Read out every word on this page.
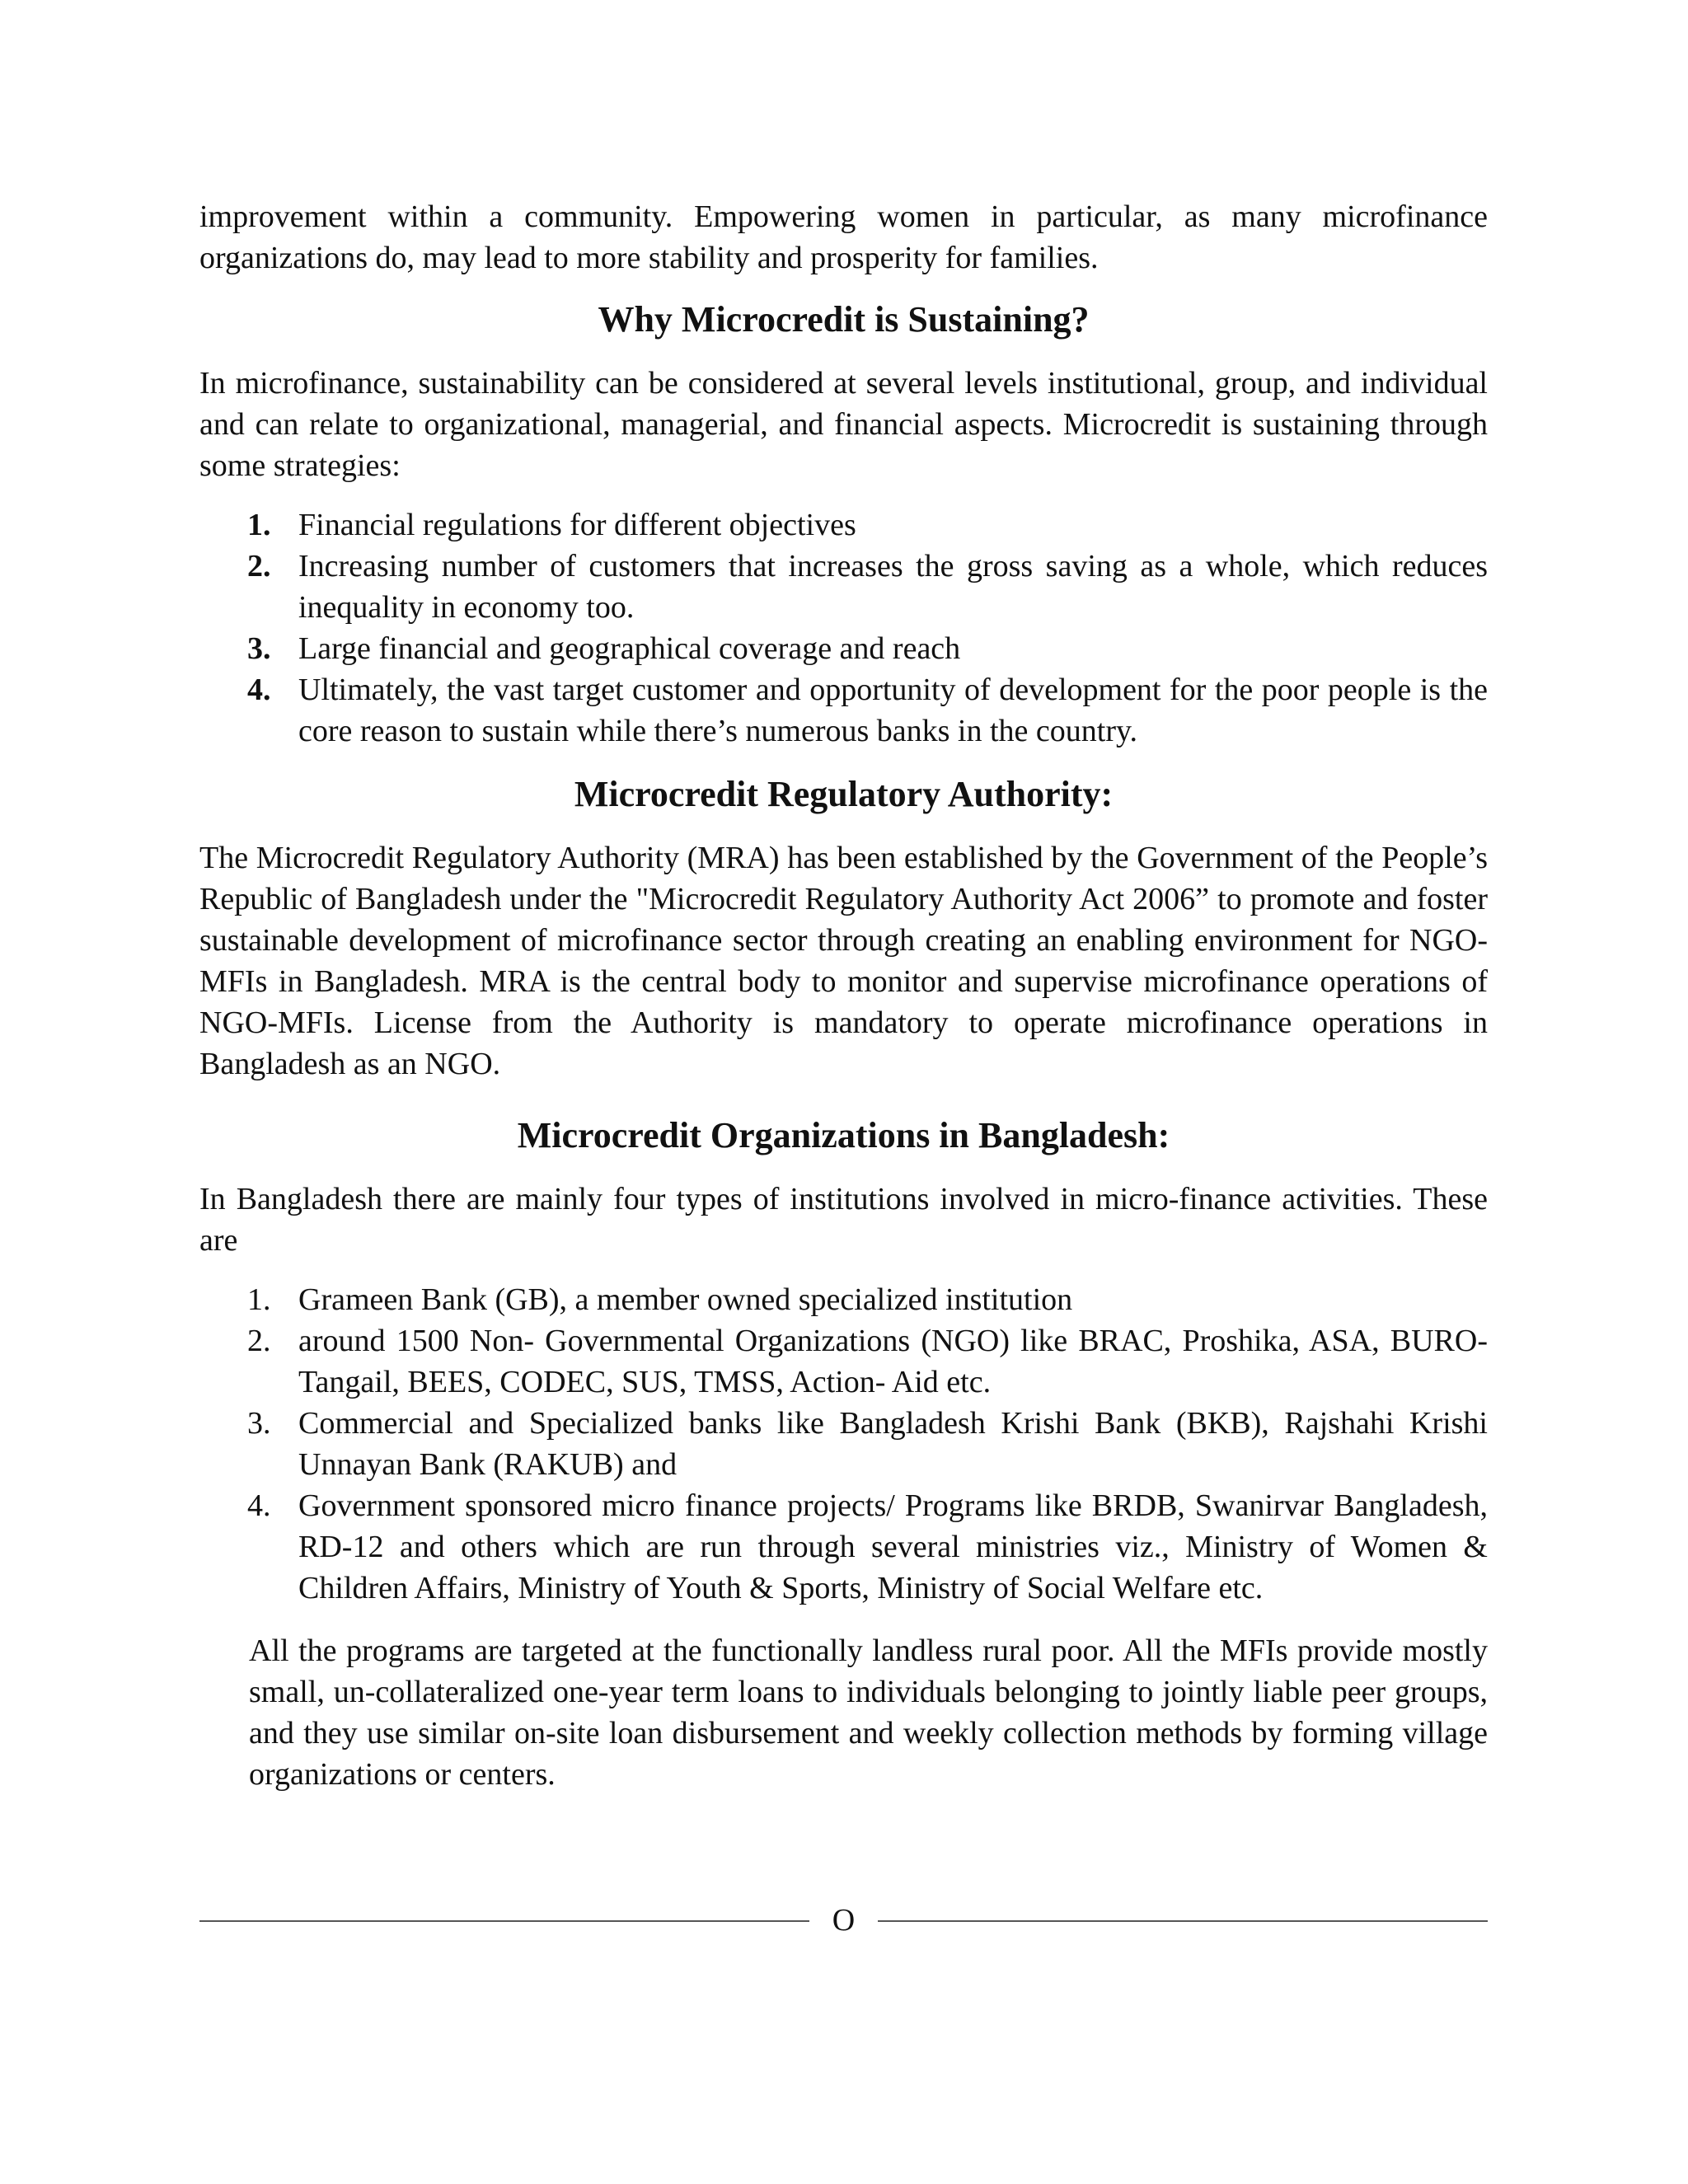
improvement within a community. Empowering women in particular, as many microfinance organizations do, may lead to more stability and prosperity for families.

Why Microcredit is Sustaining?

In microfinance, sustainability can be considered at several levels institutional, group, and individual and can relate to organizational, managerial, and financial aspects. Microcredit is sustaining through some strategies:

1. Financial regulations for different objectives
2. Increasing number of customers that increases the gross saving as a whole, which reduces inequality in economy too.
3. Large financial and geographical coverage and reach
4. Ultimately, the vast target customer and opportunity of development for the poor people is the core reason to sustain while there’s numerous banks in the country.
Microcredit Regulatory Authority:

The Microcredit Regulatory Authority (MRA) has been established by the Government of the People’s Republic of Bangladesh under the "Microcredit Regulatory Authority Act 2006” to promote and foster sustainable development of microfinance sector through creating an enabling environment for NGO-MFIs in Bangladesh. MRA is the central body to monitor and supervise microfinance operations of NGO-MFIs. License from the Authority is mandatory to operate microfinance operations in Bangladesh as an NGO.

Microcredit Organizations in Bangladesh:

In Bangladesh there are mainly four types of institutions involved in micro-finance activities. These are

1. Grameen Bank (GB), a member owned specialized institution
2. around 1500 Non- Governmental Organizations (NGO) like BRAC, Proshika, ASA, BURO-Tangail, BEES, CODEC, SUS, TMSS, Action- Aid etc.
3. Commercial and Specialized banks like Bangladesh Krishi Bank (BKB), Rajshahi Krishi Unnayan Bank (RAKUB) and
4. Government sponsored micro finance projects/ Programs like BRDB, Swanirvar Bangladesh, RD-12 and others which are run through several ministries viz., Ministry of Women & Children Affairs, Ministry of Youth & Sports, Ministry of Social Welfare etc.

All the programs are targeted at the functionally landless rural poor. All the MFIs provide mostly small, un-collateralized one-year term loans to individuals belonging to jointly liable peer groups, and they use similar on-site loan disbursement and weekly collection methods by forming village organizations or centers.

O
